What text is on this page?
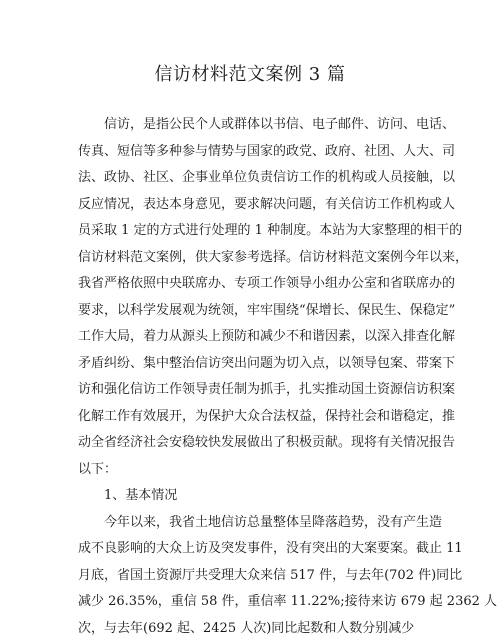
信访材料范文案例 3 篇
信访，是指公民个人或群体以书信、电子邮件、访问、电话、
传真、短信等多种参与情势与国家的政党、政府、社团、人大、司
法、政协、社区、企事业单位负责信访工作的机构或人员接触，以
反应情况，表达本身意见，要求解决问题，有关信访工作机构或人
员采取 1 定的方式进行处理的 1 种制度。本站为大家整理的相干的
信访材料范文案例，供大家参考选择。信访材料范文案例今年以来，
我省严格依照中央联席办、专项工作领导小组办公室和省联席办的
要求，以科学发展观为统领，牢牢围绕“保增长、保民生、保稳定”
工作大局，着力从源头上预防和减少不和谐因素，以深入排查化解
矛盾纠纷、集中整治信访突出问题为切入点，以领导包案、带案下
访和强化信访工作领导责任制为抓手，扎实推动国土资源信访积案
化解工作有效展开，为保护大众合法权益，保持社会和谐稳定，推
动全省经济社会安稳较快发展做出了积极贡献。现将有关情况报告
以下：
1、基本情况
今年以来，我省土地信访总量整体呈降落趋势，没有产生造
成不良影响的大众上访及突发事件，没有突出的大案要案。截止 11
月底，省国土资源厅共受理大众来信 517 件，与去年(702 件)同比
减少 26.35%，重信 58 件，重信率 11.22%;接待来访 679 起 2362 人
次，与去年(692 起、2425 人次)同比起数和人数分别减少
